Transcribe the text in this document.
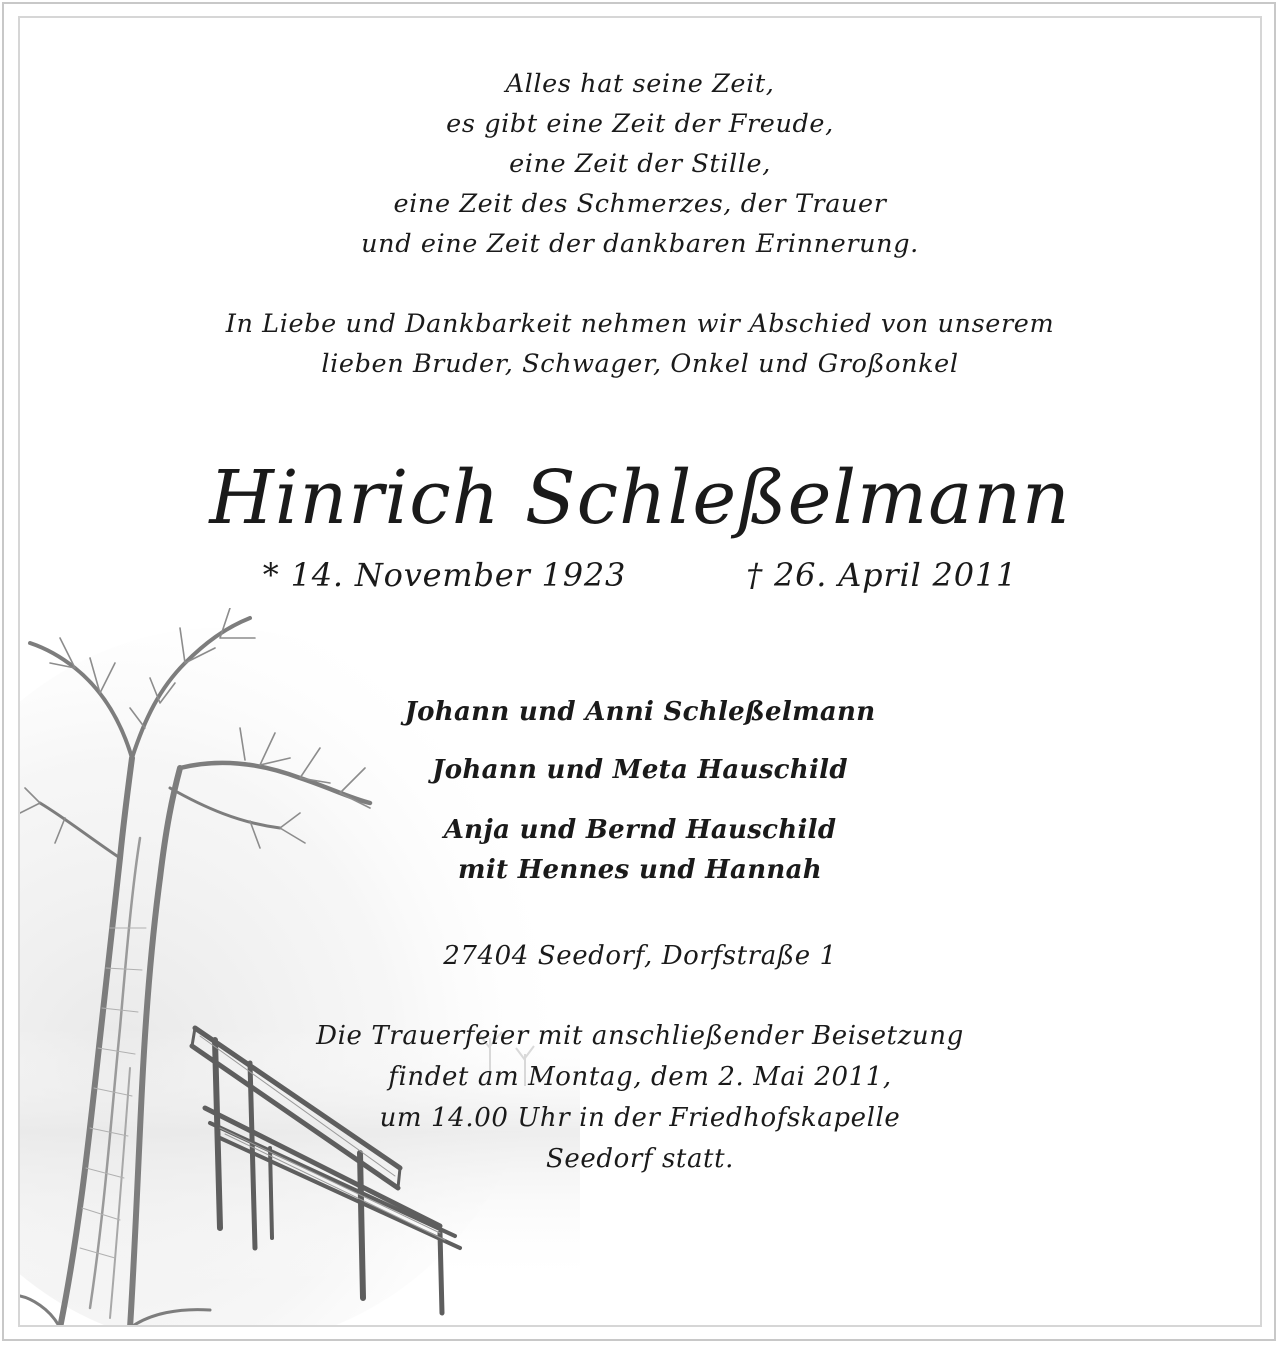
Alles hat seine Zeit,
es gibt eine Zeit der Freude,
eine Zeit der Stille,
eine Zeit des Schmerzes, der Trauer
und eine Zeit der dankbaren Erinnerung.
In Liebe und Dankbarkeit nehmen wir Abschied von unserem
lieben Bruder, Schwager, Onkel und Großonkel
Hinrich Schleßelmann
* 14. November 1923	† 26. April 2011
Johann und Anni Schleßelmann
Johann und Meta Hauschild
Anja und Bernd Hauschild
mit Hennes und Hannah
27404 Seedorf, Dorfstraße 1
Die Trauerfeier mit anschließender Beisetzung
findet am Montag, dem 2. Mai 2011,
um 14.00 Uhr in der Friedhofskapelle
Seedorf statt.
